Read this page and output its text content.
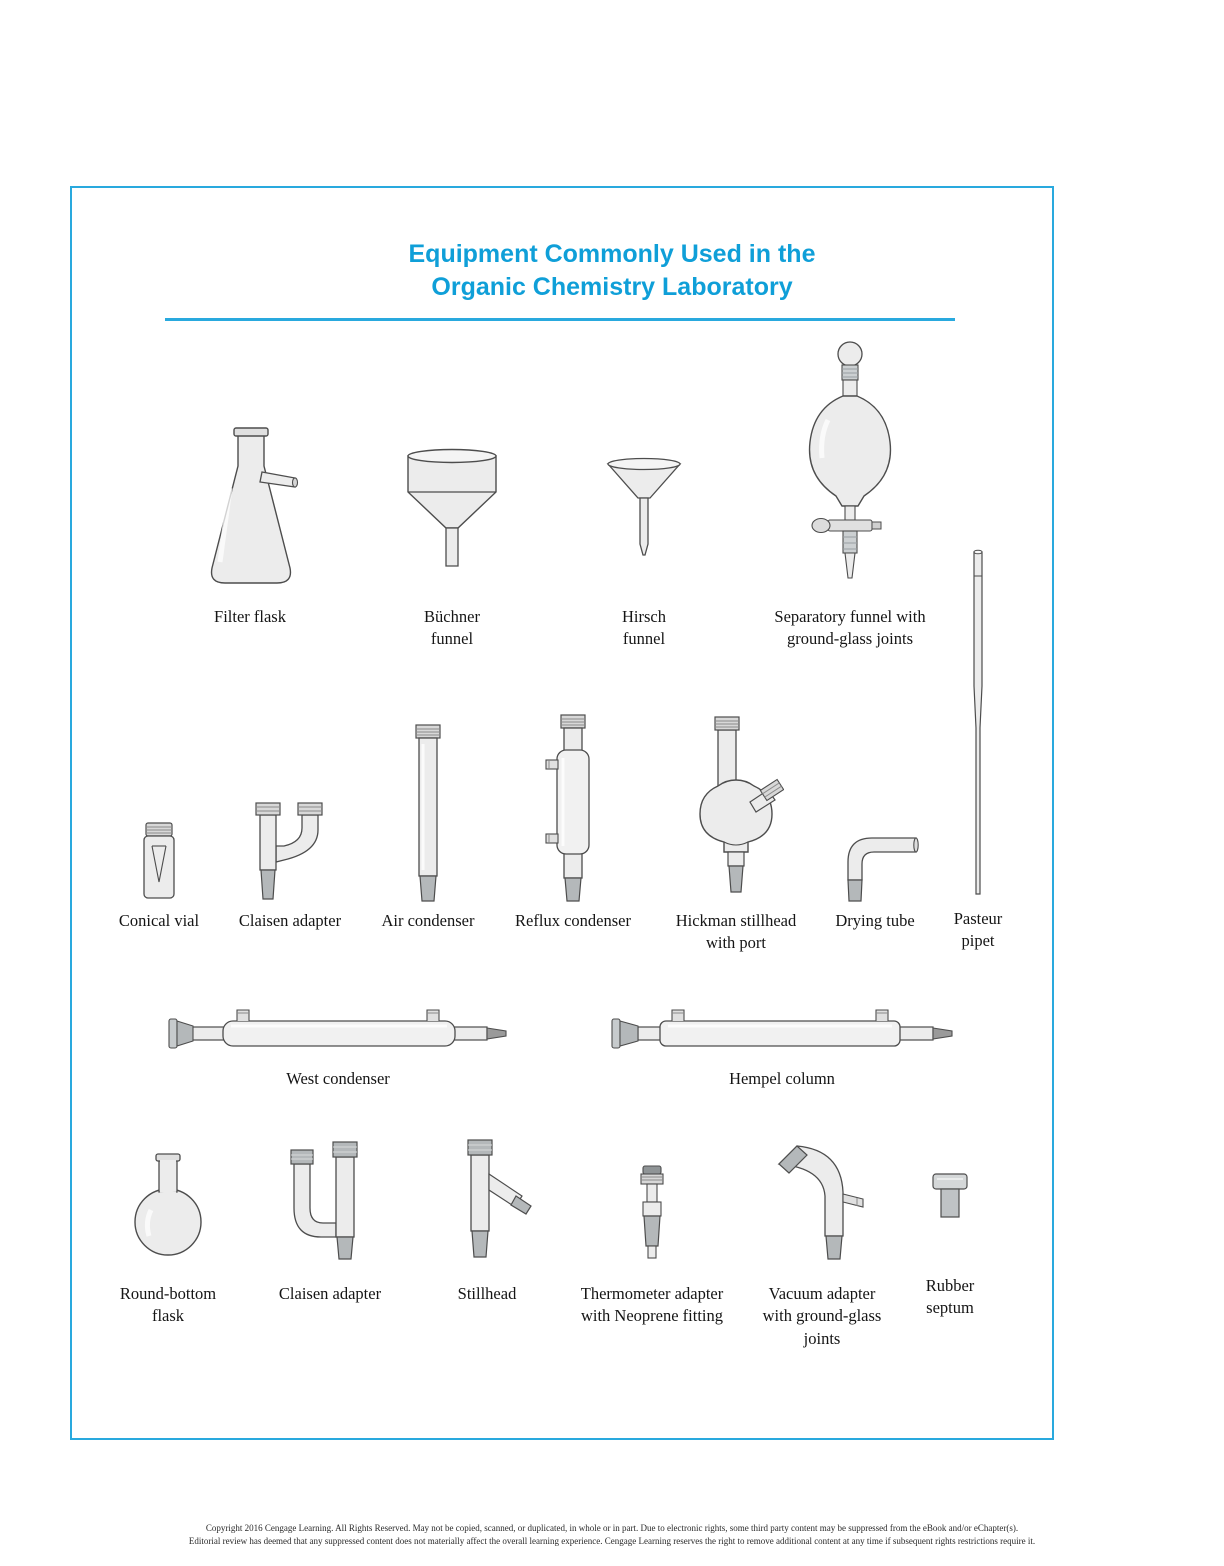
Equipment Commonly Used in the
Organic Chemistry Laboratory
Filter flask	Büchner funnel
Hirsch funnel
Separatory funnel with ground-glass joints
Pasteur pipet
Conical vial	Claisen adapter	Air condenser	Reflux condenser	Hickman stillhead with port
Drying tube
West condenser	Hempel column
Round-bottom flask
Claisen adapter	Stillhead	Thermometer adapter with Neoprene fitting
Vacuum adapter with ground-glass joints
Rubber septum
Copyright 2016 Cengage Learning. All Rights Reserved. May not be copied, scanned, or duplicated, in whole or in part. Due to electronic rights, some third party content may be suppressed from the eBook and/or eChapter(s).
Editorial review has deemed that any suppressed content does not materially affect the overall learning experience. Cengage Learning reserves the right to remove additional content at any time if subsequent rights restrictions require it.
